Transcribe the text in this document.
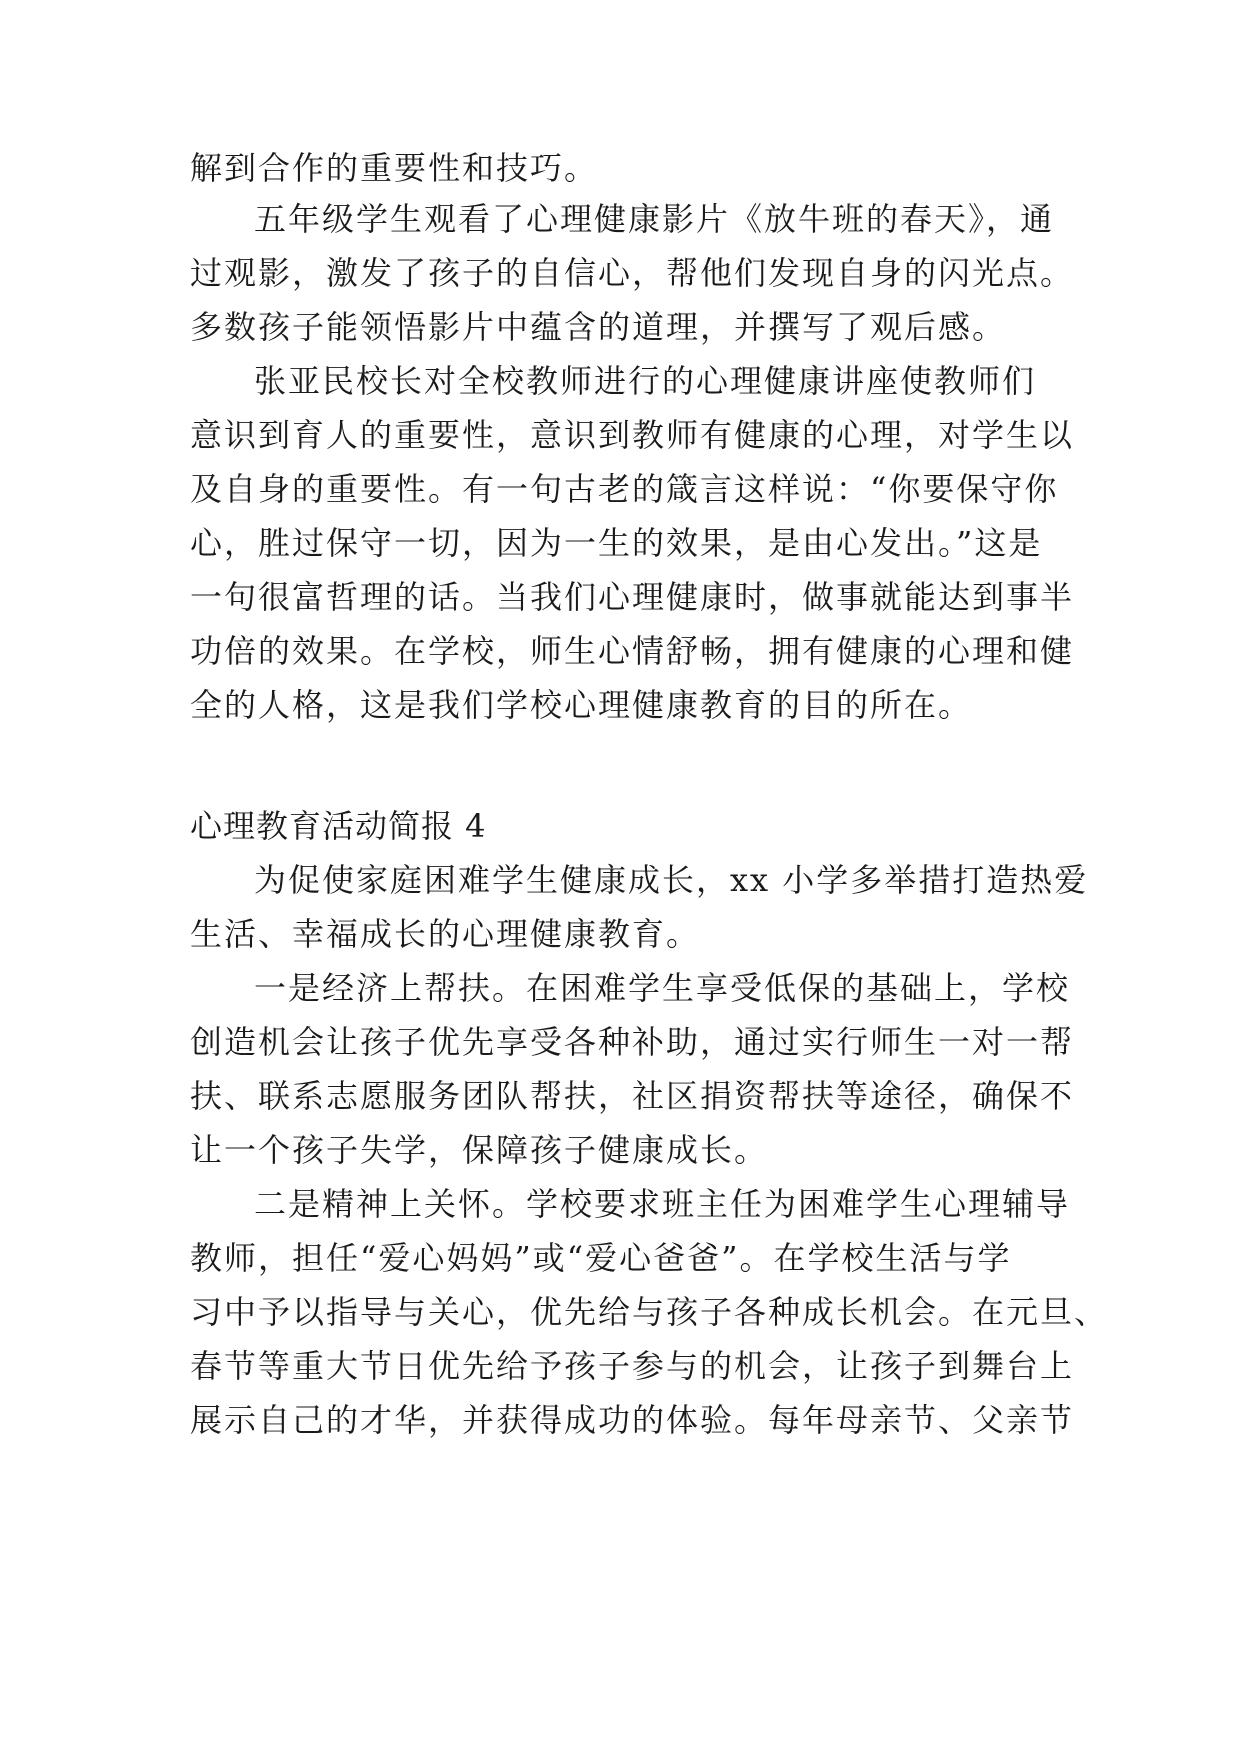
解到合作的重要性和技巧。
五年级学生观看了心理健康影片《放牛班的春天》，通
过观影，激发了孩子的自信心，帮他们发现自身的闪光点。
多数孩子能领悟影片中蕴含的道理，并撰写了观后感。
张亚民校长对全校教师进行的心理健康讲座使教师们
意识到育人的重要性，意识到教师有健康的心理，对学生以
及自身的重要性。有一句古老的箴言这样说：“你要保守你
心，胜过保守一切，因为一生的效果，是由心发出。”这是
一句很富哲理的话。当我们心理健康时，做事就能达到事半
功倍的效果。在学校，师生心情舒畅，拥有健康的心理和健
全的人格，这是我们学校心理健康教育的目的所在。
心理教育活动简报 4
为促使家庭困难学生健康成长，xx 小学多举措打造热爱
生活、幸福成长的心理健康教育。
一是经济上帮扶。在困难学生享受低保的基础上，学校
创造机会让孩子优先享受各种补助，通过实行师生一对一帮
扶、联系志愿服务团队帮扶，社区捐资帮扶等途径，确保不
让一个孩子失学，保障孩子健康成长。
二是精神上关怀。学校要求班主任为困难学生心理辅导
教师，担任“爱心妈妈”或“爱心爸爸”。在学校生活与学
习中予以指导与关心，优先给与孩子各种成长机会。在元旦、
春节等重大节日优先给予孩子参与的机会，让孩子到舞台上
展示自己的才华，并获得成功的体验。每年母亲节、父亲节
